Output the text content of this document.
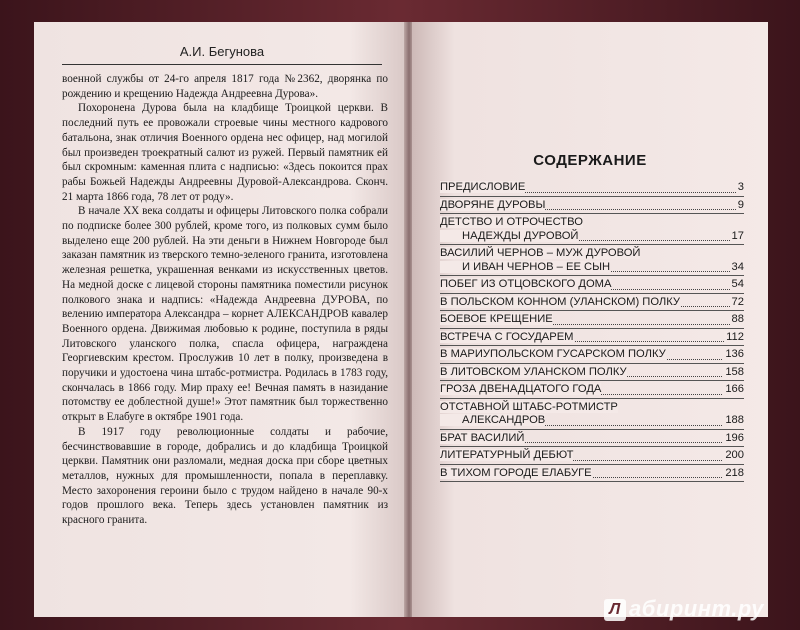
А.И. Бегунова

военной службы от 24-го апреля 1817 года №2362, дворянка по рождению и крещению Надежда Андреевна Дурова».

Похоронена Дурова была на кладбище Троицкой церкви. В последний путь ее провожали строевые чины местного кадрового батальона, знак отличия Военного ордена нес офицер, над могилой был произведен троекратный салют из ружей. Первый памятник ей был скромным: каменная плита с надписью: «Здесь покоится прах рабы Божьей Надежды Андреевны Дуровой-Александрова. Сконч. 21 марта 1866 года, 78 лет от роду».

В начале XX века солдаты и офицеры Литовского полка собрали по подписке более 300 рублей, кроме того, из полковых сумм было выделено еще 200 рублей. На эти деньги в Нижнем Новгороде был заказан памятник из тверского темно-зеленого гранита, изготовлена железная решетка, украшенная венками из искусственных цветов. На медной доске с лицевой стороны памятника поместили рисунок полкового знака и надпись: «Надежда Андреевна ДУРОВА, по велению императора Александра – корнет АЛЕКСАНДРОВ кавалер Военного ордена. Движимая любовью к родине, поступила в ряды Литовского уланского полка, спасла офицера, награждена Георгиевским крестом. Прослужив 10 лет в полку, произведена в поручики и удостоена чина штабс-ротмистра. Родилась в 1783 году, скончалась в 1866 году. Мир праху ее! Вечная память в назидание потомству ее доблестной душе!» Этот памятник был торжественно открыт в Елабуге в октябре 1901 года.

В 1917 году революционные солдаты и рабочие, бесчинствовавшие в городе, добрались и до кладбища Троицкой церкви. Памятник они разломали, медная доска при сборе цветных металлов, нужных для промышленности, попала в переплавку. Место захоронения героини было с трудом найдено в начале 90-х годов прошлого века. Теперь здесь установлен памятник из красного гранита.

СОДЕРЖАНИЕ
ПРЕДИСЛОВИЕ	3
ДВОРЯНЕ ДУРОВЫ	9
ДЕТСТВО И ОТРОЧЕСТВО
НАДЕЖДЫ ДУРОВОЙ	17
ВАСИЛИЙ ЧЕРНОВ – МУЖ ДУРОВОЙ
И ИВАН ЧЕРНОВ – ЕЕ СЫН	34
ПОБЕГ ИЗ ОТЦОВСКОГО ДОМА	54
В ПОЛЬСКОМ КОННОМ (УЛАНСКОМ) ПОЛКУ	72
БОЕВОЕ КРЕЩЕНИЕ	88
ВСТРЕЧА С ГОСУДАРЕМ	112
В МАРИУПОЛЬСКОМ ГУСАРСКОМ ПОЛКУ	136
В ЛИТОВСКОМ УЛАНСКОМ ПОЛКУ	158
ГРОЗА ДВЕНАДЦАТОГО ГОДА	166
ОТСТАВНОЙ ШТАБС-РОТМИСТР
АЛЕКСАНДРОВ	188
БРАТ ВАСИЛИЙ	196
ЛИТЕРАТУРНЫЙ ДЕБЮТ	200
В ТИХОМ ГОРОДЕ ЕЛАБУГЕ	218
Л абиринт.ру
